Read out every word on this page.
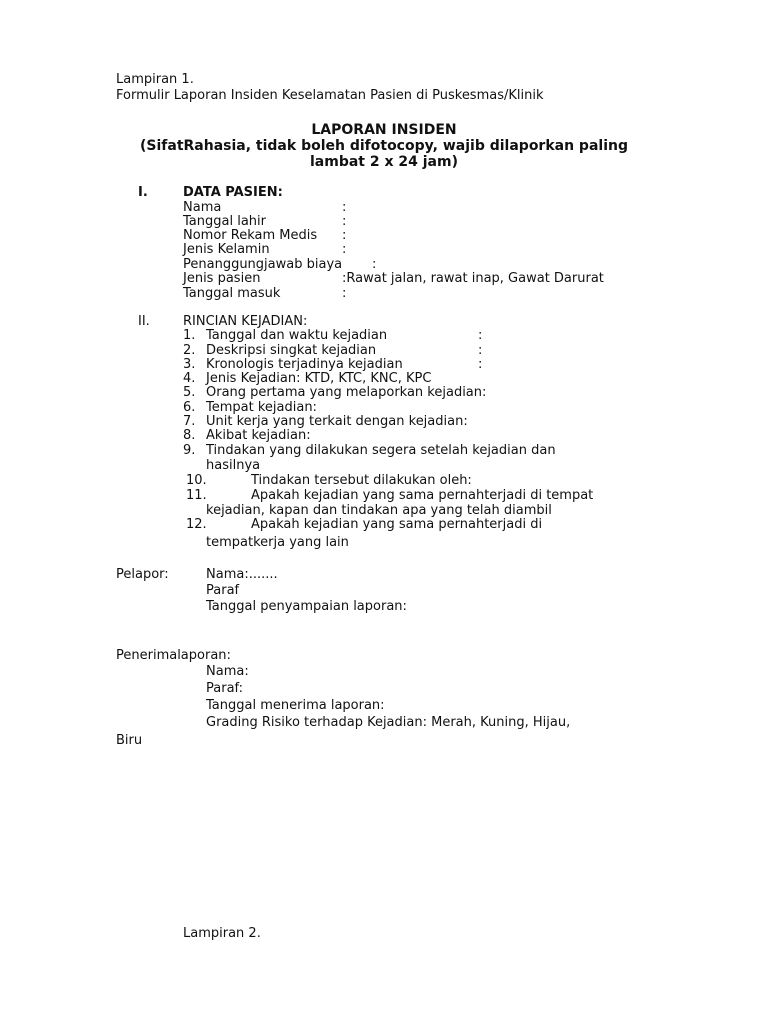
Lampiran 1.
Formulir Laporan Insiden Keselamatan Pasien di Puskesmas/Klinik
LAPORAN INSIDEN
(SifatRahasia, tidak boleh difotocopy, wajib dilaporkan paling
lambat 2 x 24 jam)
I.	DATA PASIEN:
Nama	:
Tanggal lahir	:
Nomor Rekam Medis :
Jenis Kelamin	:
Penanggungjawab biaya :
Jenis pasien	:Rawat jalan, rawat inap, Gawat Darurat
Tanggal masuk	:
II.	RINCIAN KEJADIAN:
1. Tanggal dan waktu kejadian	:
2. Deskripsi singkat kejadian	:
3. Kronologis terjadinya kejadian	:
4. Jenis Kejadian: KTD, KTC, KNC, KPC
5. Orang pertama yang melaporkan kejadian:
6. Tempat kejadian:
7. Unit kerja yang terkait dengan kejadian:
8. Akibat kejadian:
9. Tindakan yang dilakukan segera setelah kejadian dan
hasilnya
10.	Tindakan tersebut dilakukan oleh:
11.	Apakah kejadian yang sama pernahterjadi di tempat
kejadian, kapan dan tindakan apa yang telah diambil
12.	Apakah kejadian yang sama pernahterjadi di
tempatkerja yang lain
Pelapor:	Nama:.......
Paraf
Tanggal penyampaian laporan:
Penerimalaporan:
Nama:
Paraf:
Tanggal menerima laporan:
Grading Risiko terhadap Kejadian: Merah, Kuning, Hijau,
Biru
Lampiran 2.
